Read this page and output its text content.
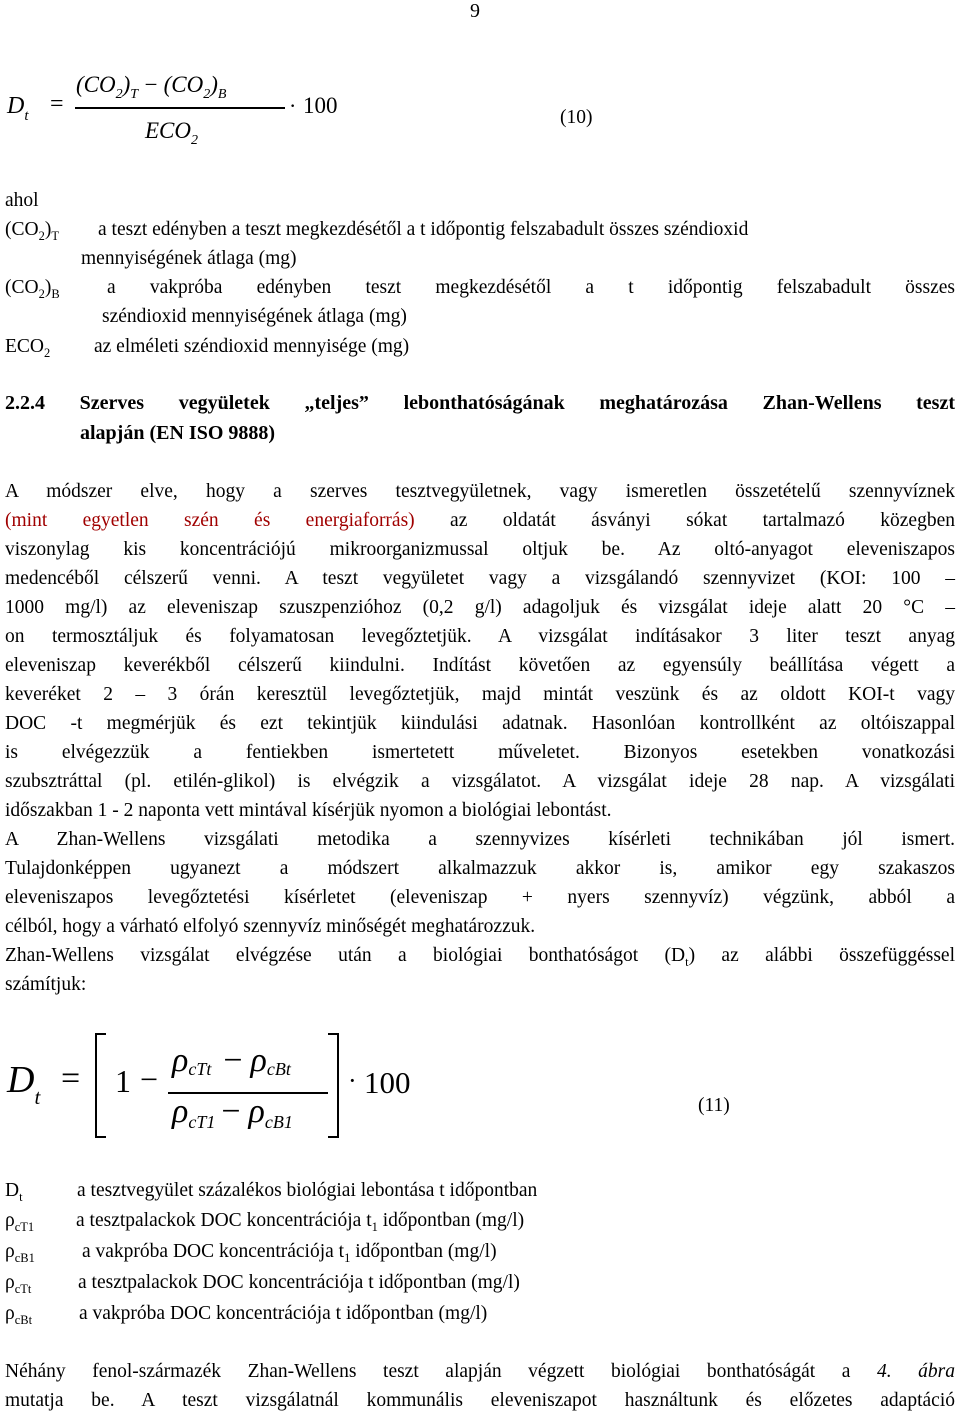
9
$D_t$ =
$(CO_2)_T - (CO_2)_B$
$ECO_2$
· 100	(10)
ahol
$(CO_2)_T$ a teszt edényben a teszt megkezdésétől a t időpontig felszabadult összes széndioxid
mennyiségének átlaga (mg)
$(CO_2)_B$ a vakpróba edényben teszt megkezdésétől a t időpontig felszabadult összes
széndioxid mennyiségének átlaga (mg)
$ECO_2$ az elméleti széndioxid mennyisége (mg)
2.2.4 Szerves vegyületek „teljes” lebonthatóságának meghatározása Zhan-Wellens teszt
alapján (EN ISO 9888)
A módszer elve, hogy a szerves tesztvegyületnek, vagy ismeretlen összetételű szennyvíznek
(mint egyetlen szén és energiaforrás) az oldatát ásványi sókat tartalmazó közegben
viszonylag kis koncentrációjú mikroorganizmussal oltjuk be. Az oltó-anyagot eleveniszapos
medencéből célszerű venni. A teszt vegyületet vagy a vizsgálandó szennyvizet (KOI: 100 –
1000 mg/l) az eleveniszap szuszpenzióhoz (0,2 g/l) adagoljuk és vizsgálat ideje alatt 20 °C –
on termosztáljuk és folyamatosan levegőztetjük. A vizsgálat indításakor 3 liter teszt anyag
eleveniszap keverékből célszerű kiindulni. Indítást követően az egyensúly beállítása végett a
keveréket 2 – 3 órán keresztül levegőztetjük, majd mintát veszünk és az oldott KOI-t vagy
DOC -t megmérjük és ezt tekintjük kiindulási adatnak. Hasonlóan kontrollként az oltóiszappal
is elvégezzük a fentiekben ismertetett műveletet. Bizonyos esetekben vonatkozási
szubsztráttal (pl. etilén-glikol) is elvégzik a vizsgálatot. A vizsgálat ideje 28 nap. A vizsgálati
időszakban 1 - 2 naponta vett mintával kísérjük nyomon a biológiai lebontást.
A Zhan-Wellens vizsgálati metodika a szennyvizes kísérleti technikában jól ismert.
Tulajdonképpen ugyanezt a módszert alkalmazzuk akkor is, amikor egy szakaszos
eleveniszapos levegőztetési kísérletet (eleveniszap + nyers szennyvíz) végzünk, abból a
célból, hogy a várható elfolyó szennyvíz minőségét meghatározzuk.
Zhan-Wellens vizsgálat elvégzése után a biológiai bonthatóságot $(D_t)$ az alábbi összefüggéssel
számítjuk:
$D_t = 1 - \rho cTt - \rho cBt$
ρcT1 − ρcB1
· 100
(11)
$D_t$	a tesztvegyület százalékos biológiai lebontása t időpontban
$\rho_{cT1}$ a tesztpalackok DOC koncentrációja $t_1$ időpontban (mg/l)
$\rho_{cB1}$ a vakpróba DOC koncentrációja $t_1$ időpontban (mg/l)
$\rho_{cTt}$ a tesztpalackok DOC koncentrációja t időpontban (mg/l)
$\rho_{cBt}$ a vakpróba DOC koncentrációja t időpontban (mg/l)
Néhány fenol-származék Zhan-Wellens teszt alapján végzett biológiai bonthatóságát a 4. ábra
mutatja be. A teszt vizsgálatnál kommunális eleveniszapot használtunk és előzetes adaptáció
